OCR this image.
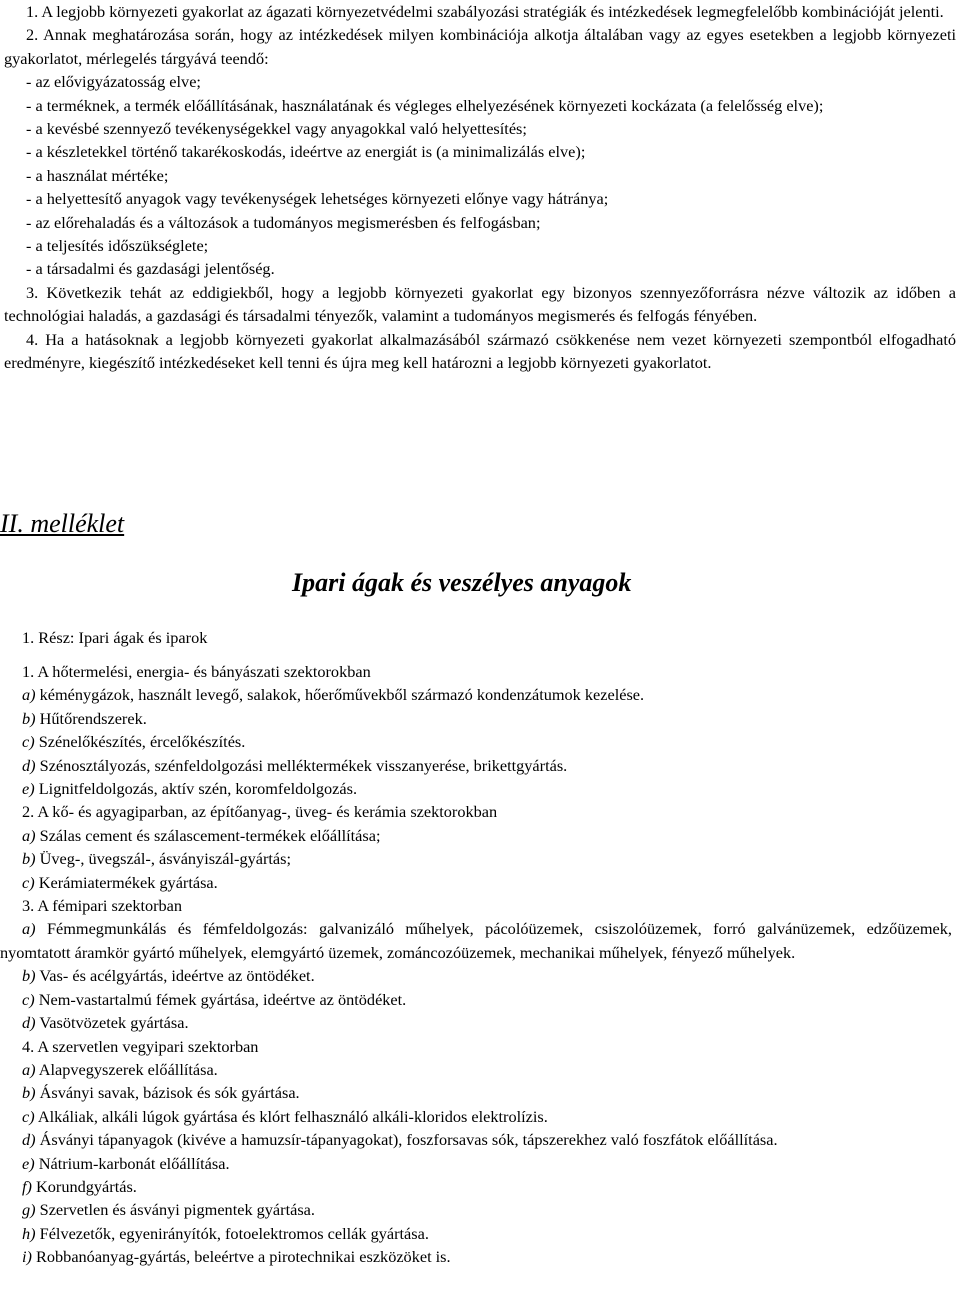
1. A legjobb környezeti gyakorlat az ágazati környezetvédelmi szabályozási stratégiák és intézkedések legmegfelelőbb kombinációját jelenti.

2. Annak meghatározása során, hogy az intézkedések milyen kombinációja alkotja általában vagy az egyes esetekben a legjobb környezeti gyakorlatot, mérlegelés tárgyává teendő:

- az elővigyázatosság elve;

- a terméknek, a termék előállításának, használatának és végleges elhelyezésének környezeti kockázata (a felelősség elve);

- a kevésbé szennyező tevékenységekkel vagy anyagokkal való helyettesítés;

- a készletekkel történő takarékoskodás, ideértve az energiát is (a minimalizálás elve);

- a használat mértéke;

- a helyettesítő anyagok vagy tevékenységek lehetséges környezeti előnye vagy hátránya;

- az előrehaladás és a változások a tudományos megismerésben és felfogásban;

- a teljesítés időszükséglete;

- a társadalmi és gazdasági jelentőség.

3. Következik tehát az eddigiekből, hogy a legjobb környezeti gyakorlat egy bizonyos szennyezőforrásra nézve változik az időben a technológiai haladás, a gazdasági és társadalmi tényezők, valamint a tudományos megismerés és felfogás fényében.

4. Ha a hatásoknak a legjobb környezeti gyakorlat alkalmazásából származó csökkenése nem vezet környezeti szempontból elfogadható eredményre, kiegészítő intézkedéseket kell tenni és újra meg kell határozni a legjobb környezeti gyakorlatot.

II. melléklet
Ipari ágak és veszélyes anyagok
1. Rész: Ipari ágak és iparok
1. A hőtermelési, energia- és bányászati szektorokban
a) kéménygázok, használt levegő, salakok, hőerőművekből származó kondenzátumok kezelése.
b) Hűtőrendszerek.
c) Szénelőkészítés, ércelőkészítés.
d) Szénosztályozás, szénfeldolgozási melléktermékek visszanyerése, brikettgyártás.
e) Lignitfeldolgozás, aktív szén, koromfeldolgozás.
2. A kő- és agyagiparban, az építőanyag-, üveg- és kerámia szektorokban
a) Szálas cement és szálascement-termékek előállítása;
b) Üveg-, üvegszál-, ásványiszál-gyártás;
c) Kerámiatermékek gyártása.
3. A fémipari szektorban
a) Fémmegmunkálás és fémfeldolgozás: galvanizáló műhelyek, pácolóüzemek, csiszolóüzemek, forró galvánüzemek, edzőüzemek, nyomtatott áramkör gyártó műhelyek, elemgyártó üzemek, zománcozóüzemek, mechanikai műhelyek, fényező műhelyek.
b) Vas- és acélgyártás, ideértve az öntödéket.
c) Nem-vastartalmú fémek gyártása, ideértve az öntödéket.
d) Vasötvözetek gyártása.
4. A szervetlen vegyipari szektorban
a) Alapvegyszerek előállítása.
b) Ásványi savak, bázisok és sók gyártása.
c) Alkáliak, alkáli lúgok gyártása és klórt felhasználó alkáli-kloridos elektrolízis.
d) Ásványi tápanyagok (kivéve a hamuzsír-tápanyagokat), foszforsavas sók, tápszerekhez való foszfátok előállítása.
e) Nátrium-karbonát előállítása.
f) Korundgyártás.
g) Szervetlen és ásványi pigmentek gyártása.
h) Félvezetők, egyenirányítók, fotoelektromos cellák gyártása.
i) Robbanóanyag-gyártás, beleértve a pirotechnikai eszközöket is.
